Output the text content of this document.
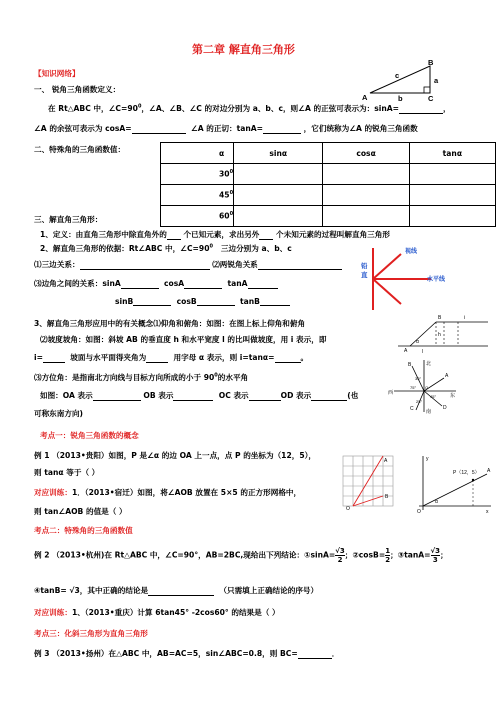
第二章 解直角三角形
A
B
C
a
b
c
【知识网络】
一、 锐角三角函数定义：
在 Rt△ABC 中，$\angle C=90^0$，∠A、∠B、∠C 的对边分别为 a、b、c，则∠A 的正弦可表示为：sinA=	，
∠A 的余弦可表示为 cosA=	∠A 的正切：tanA=	，它们统称为∠A 的锐角三角函数
二、特殊角的三角函数值：	α	sinα	cosα	tanα
$30^0$			
$45^0$			
$60^0$			
三、解直角三角形：
1、定义：由直角三角形中除直角外的 个已知元素，求出另外 个未知元素的过程叫解直角三角形
2、解直角三角形的依据：Rt∠ABC 中，$\angle C=90^0$ 三边分别为 a、b、c
⑴三边关系：	⑵两锐角关系
⑶边角之间的关系：sinA	cosA	tanA
sinB	cosB	tanB
视线
水平线
铅直
B
A
h
l
α
i
3、解直角三角形应用中的有关概念⑴仰角和俯角：如图：在图上标上仰角和俯角
⑵坡度坡角：如图：斜坡 AB 的垂直度 h 和水平宽度 l 的比叫做坡度，用 i 表示，即
i=	坡面与水平面得夹角为	用字母 α 表示，则 i=tanα=	。
⑶方位角：是指南北方向线与目标方向所成的小于 $90^0$的水平角
如图：OA 表示	OB 表示	OC 表示	OD 表示	(也
可称东南方向)
北
南
西	东
B
A
D
C
O
30°
75°
45°
25°
考点一：锐角三角函数的概念
例 1 （2013•贵阳）如图，P 是∠α 的边 OA 上一点，点 P 的坐标为（12，5），
则 tanα 等于（ ）
对应训练：1．（2013•宿迁）如图，将∠AOB 放置在 5×5 的正方形网格中，
则 tan∠AOB 的值是（ ）
A
B
O
y
x
O
A
P（12，5）
α
考点二：特殊角的三角函数值
例 2 （2013•杭州)在 Rt△ABC 中，∠C=90°，AB=2BC,现给出下列结论：①sinA= $\frac{√3}{2}$ ；②cosB= $\frac{1}{2}$ ；③tanA= $\frac{√3}{3}$ ；
④tanB= √3，其中正确的结论是	（只需填上正确结论的序号）
对应训练：1、（2013•重庆）计算 6tan45° -2cos60° 的结果是（ ）
考点三：化斜三角形为直角三角形
例 3 （2013•扬州）在△ABC 中，AB=AC=5，sin∠ABC=0.8，则 BC=	．
